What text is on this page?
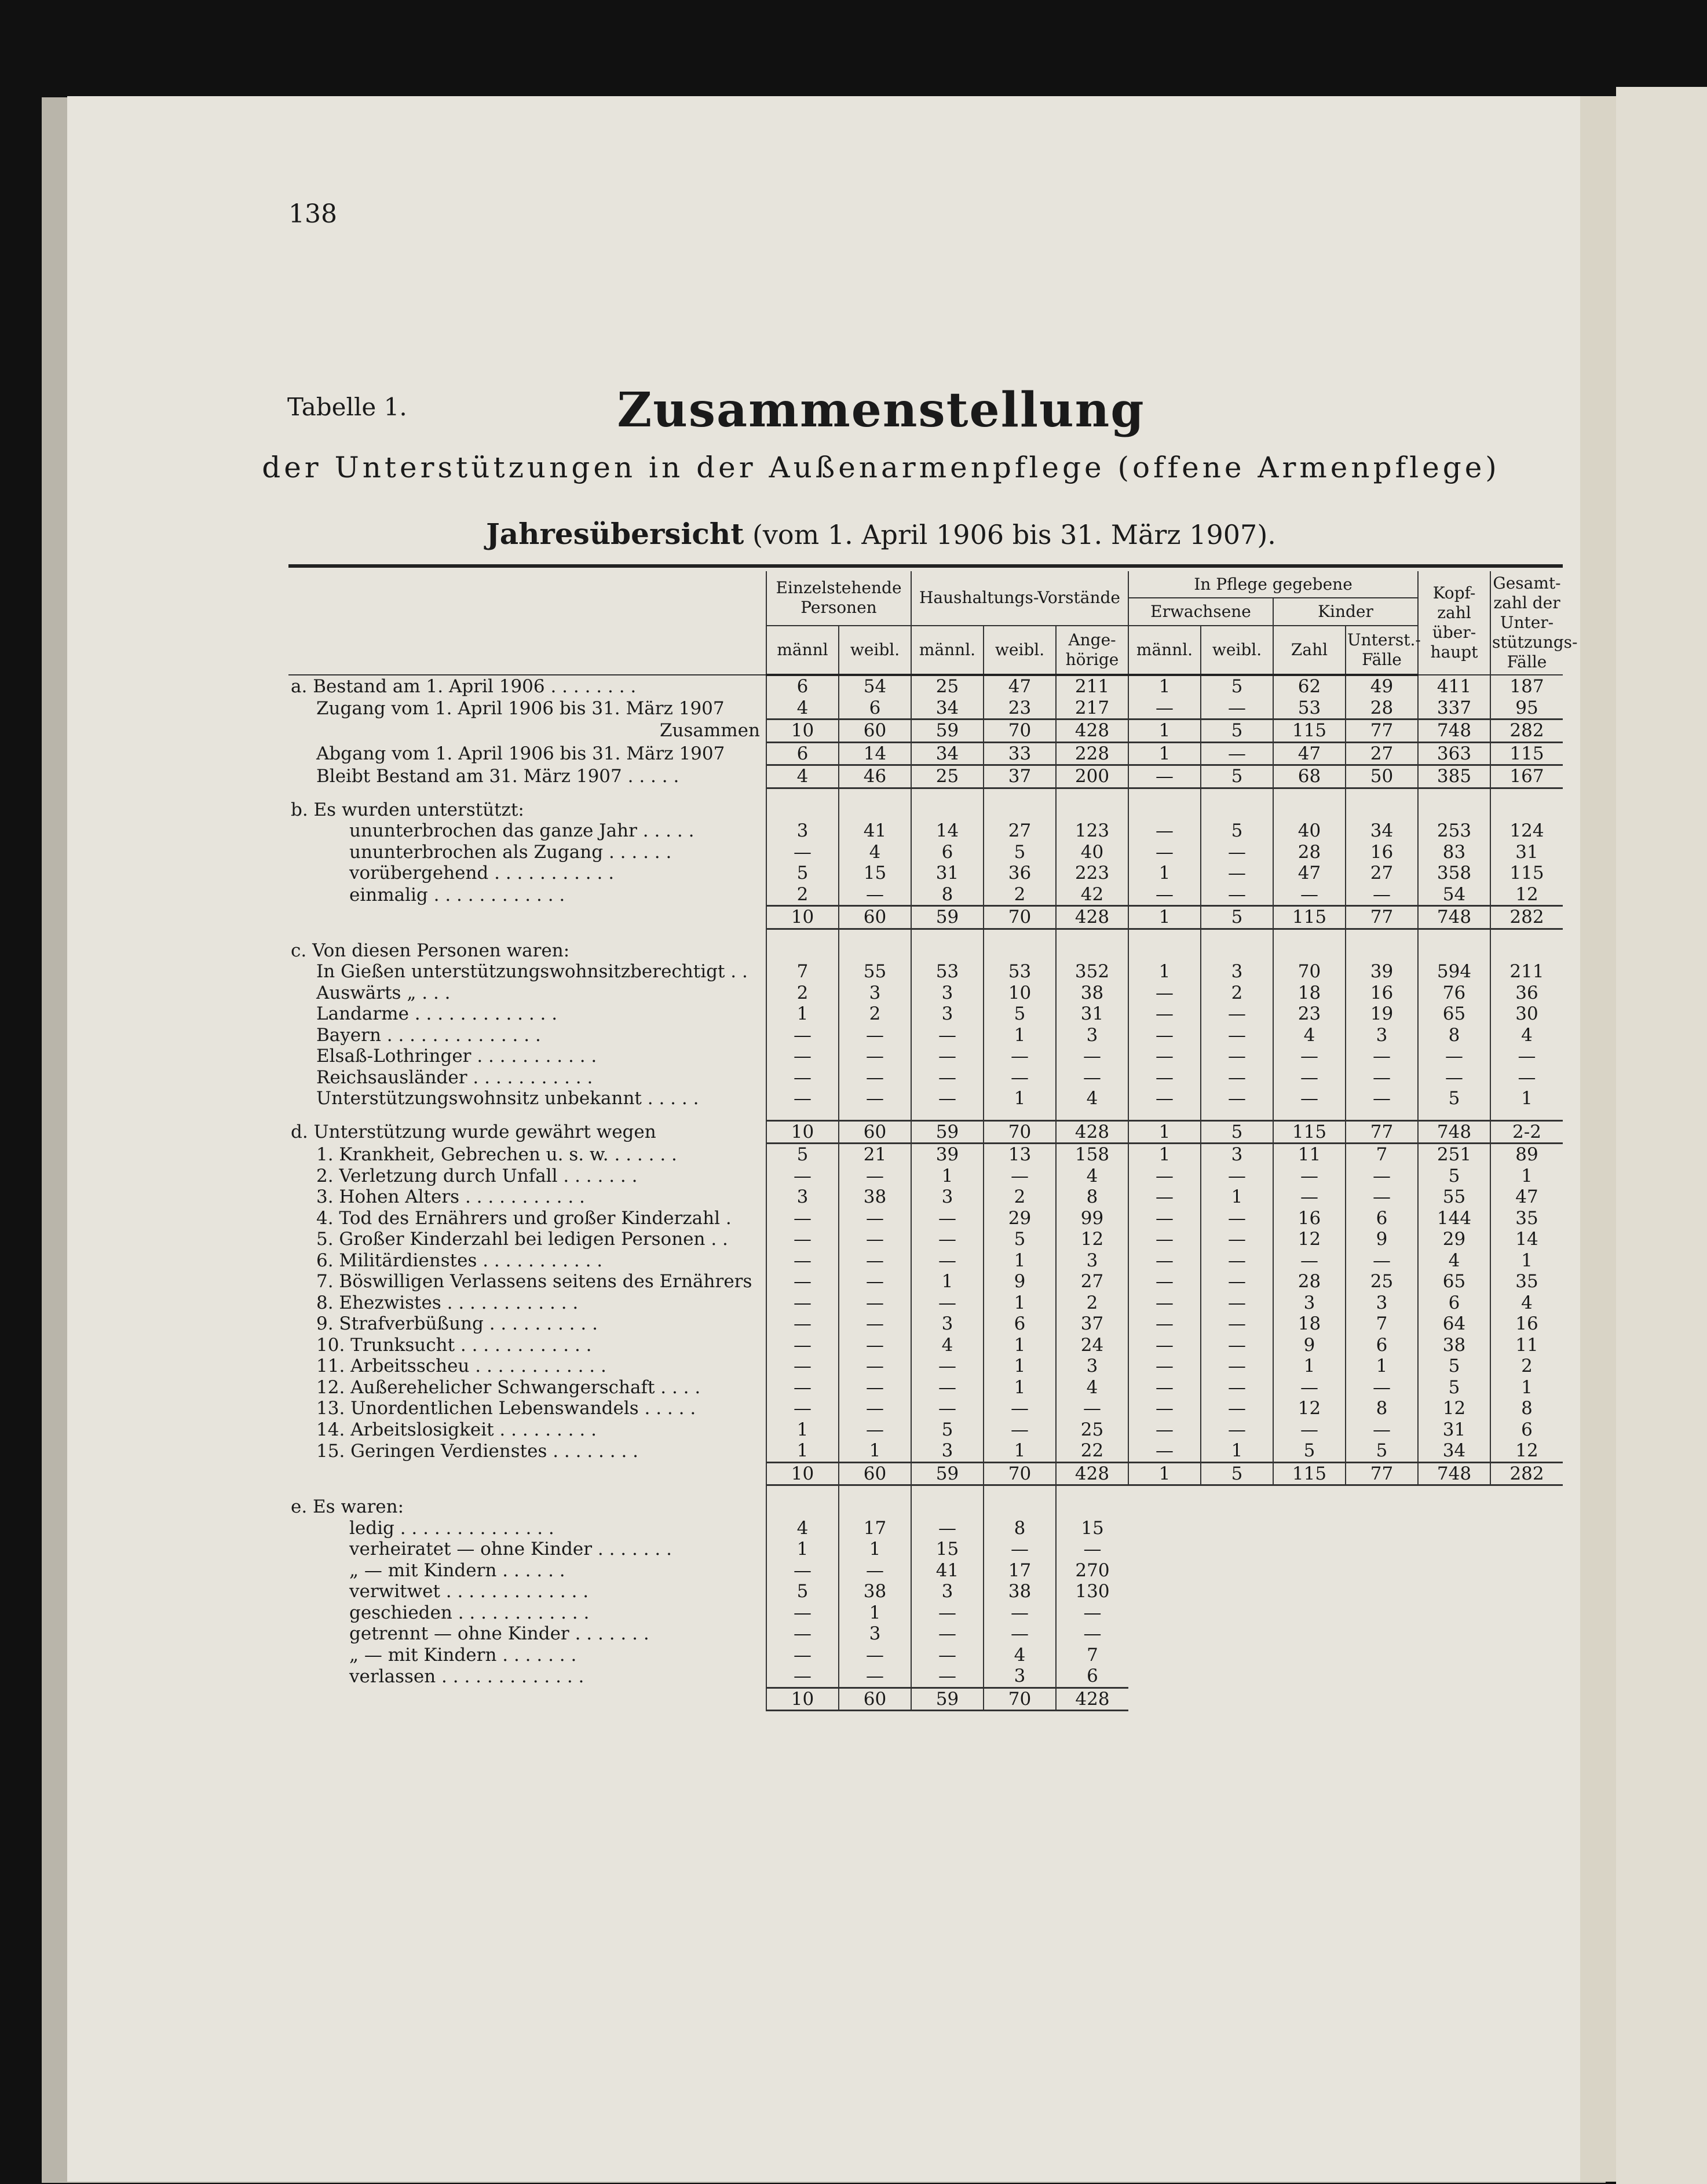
138
Tabelle 1.	Zusammenstellung
der Unterstützungen in der Außenarmenpflege (offene Armenpflege)
Jahresübersicht (vom 1. April 1906 bis 31. März 1907).
	Einzelstehende Personen		Haushaltungs-Vorstände			In Pflege gegebene				Kopf-zahl über-haupt	Gesamt-zahl der Unter-stützungs-Fälle
						Erwachsene		Kinder			
	männl	weibl.	männl.	weibl.	Ange-hörige	männl.	weibl.	Zahl	Unterst.-Fälle		
a. Bestand am 1. April 1906 . . . . . . . .	6	54	25	47	211	1	5	62	49	411	187
Zugang vom 1. April 1906 bis 31. März 1907	4	6	34	23	217	—	—	53	28	337	95
Zusammen	10	60	59	70	428	1	5	115	77	748	282
Abgang vom 1. April 1906 bis 31. März 1907	6	14	34	33	228	1	—	47	27	363	115
Bleibt Bestand am 31. März 1907 . . . . .	4	46	25	37	200	—	5	68	50	385	167

b. Es wurden unterstützt:											
ununterbrochen das ganze Jahr . . . . .	3	41	14	27	123	—	5	40	34	253	124
ununterbrochen als Zugang . . . . . .	—	4	6	5	40	—	—	28	16	83	31
vorübergehend . . . . . . . . . . .	5	15	31	36	223	1	—	47	27	358	115
einmalig . . . . . . . . . . . .	2	—	8	2	42	—	—	—	—	54	12
	10	60	59	70	428	1	5	115	77	748	282

c. Von diesen Personen waren:											
In Gießen unterstützungswohnsitzberechtigt . .	7	55	53	53	352	1	3	70	39	594	211
Auswärts „ . . .	2	3	3	10	38	—	2	18	16	76	36
Landarme . . . . . . . . . . . . .	1	2	3	5	31	—	—	23	19	65	30
Bayern . . . . . . . . . . . . . .	—	—	—	1	3	—	—	4	3	8	4
Elsaß-Lothringer . . . . . . . . . . .	—	—	—	—	—	—	—	—	—	—	—
Reichsausländer . . . . . . . . . . .	—	—	—	—	—	—	—	—	—	—	—
Unterstützungswohnsitz unbekannt . . . . .	—	—	—	1	4	—	—	—	—	5	1

d. Unterstützung wurde gewährt wegen	10	60	59	70	428	1	5	115	77	748	2-2
1. Krankheit, Gebrechen u. s. w. . . . . . .	5	21	39	13	158	1	3	11	7	251	89
2. Verletzung durch Unfall . . . . . . .	—	—	1	—	4	—	—	—	—	5	1
3. Hohen Alters . . . . . . . . . . .	3	38	3	2	8	—	1	—	—	55	47
4. Tod des Ernährers und großer Kinderzahl .	—	—	—	29	99	—	—	16	6	144	35
5. Großer Kinderzahl bei ledigen Personen . .	—	—	—	5	12	—	—	12	9	29	14
6. Militärdienstes . . . . . . . . . . .	—	—	—	1	3	—	—	—	—	4	1
7. Böswilligen Verlassens seitens des Ernährers	—	—	1	9	27	—	—	28	25	65	35
8. Ehezwistes . . . . . . . . . . . .	—	—	—	1	2	—	—	3	3	6	4
9. Strafverbüßung . . . . . . . . . .	—	—	3	6	37	—	—	18	7	64	16
10. Trunksucht . . . . . . . . . . . .	—	—	4	1	24	—	—	9	6	38	11
11. Arbeitsscheu . . . . . . . . . . . .	—	—	—	1	3	—	—	1	1	5	2
12. Außerehelicher Schwangerschaft . . . .	—	—	—	1	4	—	—	—	—	5	1
13. Unordentlichen Lebenswandels . . . . .	—	—	—	—	—	—	—	12	8	12	8
14. Arbeitslosigkeit . . . . . . . . .	1	—	5	—	25	—	—	—	—	31	6
15. Geringen Verdienstes . . . . . . . .	1	1	3	1	22	—	1	5	5	34	12
	10	60	59	70	428	1	5	115	77	748	282

e. Es waren:											
ledig . . . . . . . . . . . . . .	4	17	—	8	15						
verheiratet — ohne Kinder . . . . . . .	1	1	15	—	—						
„ — mit Kindern . . . . . .	—	—	41	17	270						
verwitwet . . . . . . . . . . . . .	5	38	3	38	130						
geschieden . . . . . . . . . . . .	—	1	—	—	—						
getrennt — ohne Kinder . . . . . . .	—	3	—	—	—						
„ — mit Kindern . . . . . . .	—	—	—	4	7						
verlassen . . . . . . . . . . . . .	—	—	—	3	6						
	10	60	59	70	428						
